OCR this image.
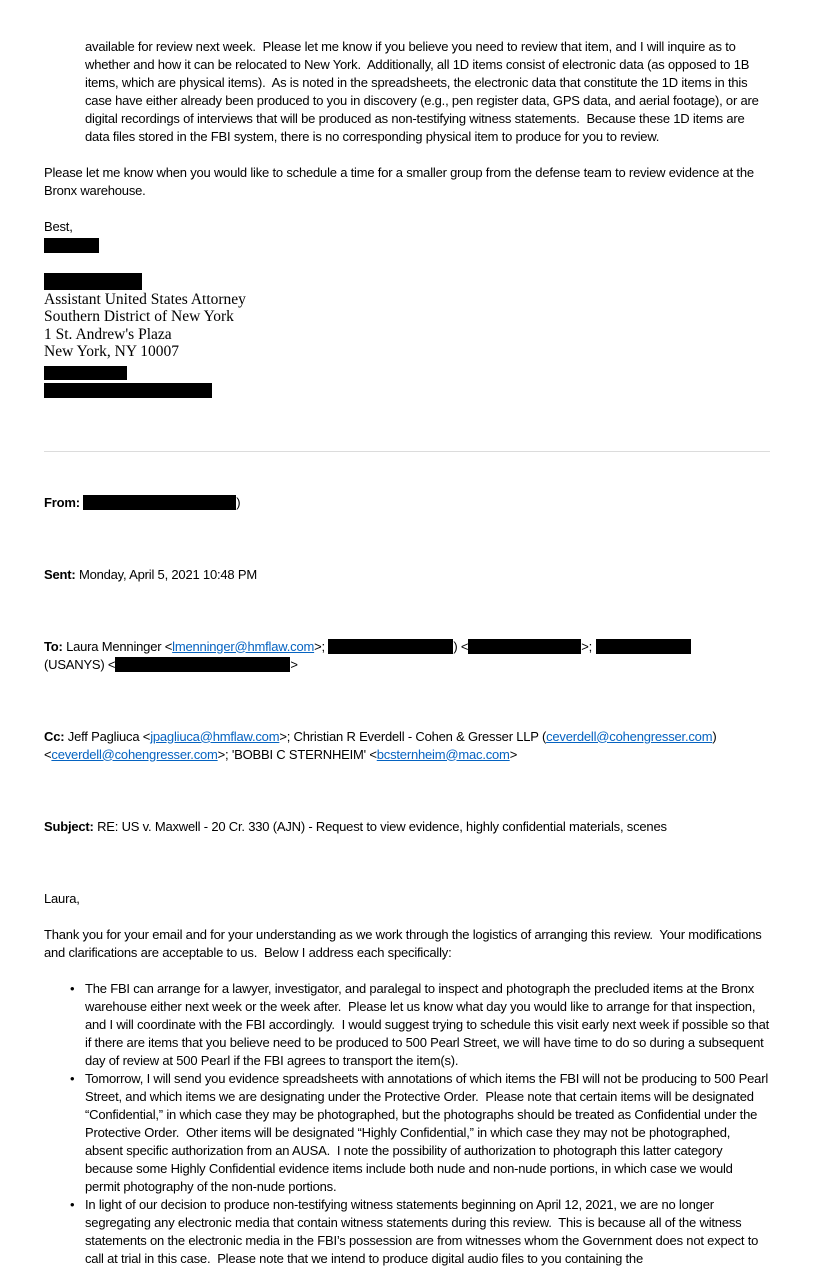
available for review next week.  Please let me know if you believe you need to review that item, and I will inquire as to whether and how it can be relocated to New York.  Additionally, all 1D items consist of electronic data (as opposed to 1B items, which are physical items).  As is noted in the spreadsheets, the electronic data that constitute the 1D items in this case have either already been produced to you in discovery (e.g., pen register data, GPS data, and aerial footage), or are digital recordings of interviews that will be produced as non-testifying witness statements.  Because these 1D items are data files stored in the FBI system, there is no corresponding physical item to produce for you to review.

Please let me know when you would like to schedule a time for a smaller group from the defense team to review evidence at the Bronx warehouse.

Best,

Assistant United States Attorney
Southern District of New York
1 St. Andrew's Plaza
New York, NY 10007

From:	)

Sent: Monday, April 5, 2021 10:48 PM

To: Laura Menninger <lmenninger@hmflaw.com>;	) <	>;
(USANYS) <	>

Cc: Jeff Pagliuca <jpagliuca@hmflaw.com>; Christian R Everdell - Cohen & Gresser LLP (ceverdell@cohengresser.com)
<ceverdell@cohengresser.com>; 'BOBBI C STERNHEIM' <bcsternheim@mac.com>

Subject: RE: US v. Maxwell - 20 Cr. 330 (AJN) - Request to view evidence, highly confidential materials, scenes

Laura,

Thank you for your email and for your understanding as we work through the logistics of arranging this review.  Your modifications and clarifications are acceptable to us.  Below I address each specifically:

• The FBI can arrange for a lawyer, investigator, and paralegal to inspect and photograph the precluded items at the Bronx warehouse either next week or the week after.  Please let us know what day you would like to arrange for that inspection, and I will coordinate with the FBI accordingly.  I would suggest trying to schedule this visit early next week if possible so that if there are items that you believe need to be produced to 500 Pearl Street, we will have time to do so during a subsequent day of review at 500 Pearl if the FBI agrees to transport the item(s).
• Tomorrow, I will send you evidence spreadsheets with annotations of which items the FBI will not be producing to 500 Pearl Street, and which items we are designating under the Protective Order.  Please note that certain items will be designated “Confidential,” in which case they may be photographed, but the photographs should be treated as Confidential under the Protective Order.  Other items will be designated “Highly Confidential,” in which case they may not be photographed, absent specific authorization from an AUSA.  I note the possibility of authorization to photograph this latter category because some Highly Confidential evidence items include both nude and non-nude portions, in which case we would permit photography of the non-nude portions.
• In light of our decision to produce non-testifying witness statements beginning on April 12, 2021, we are no longer segregating any electronic media that contain witness statements during this review.  This is because all of the witness statements on the electronic media in the FBI’s possession are from witnesses whom the Government does not expect to call at trial in this case.  Please note that we intend to produce digital audio files to you containing the
